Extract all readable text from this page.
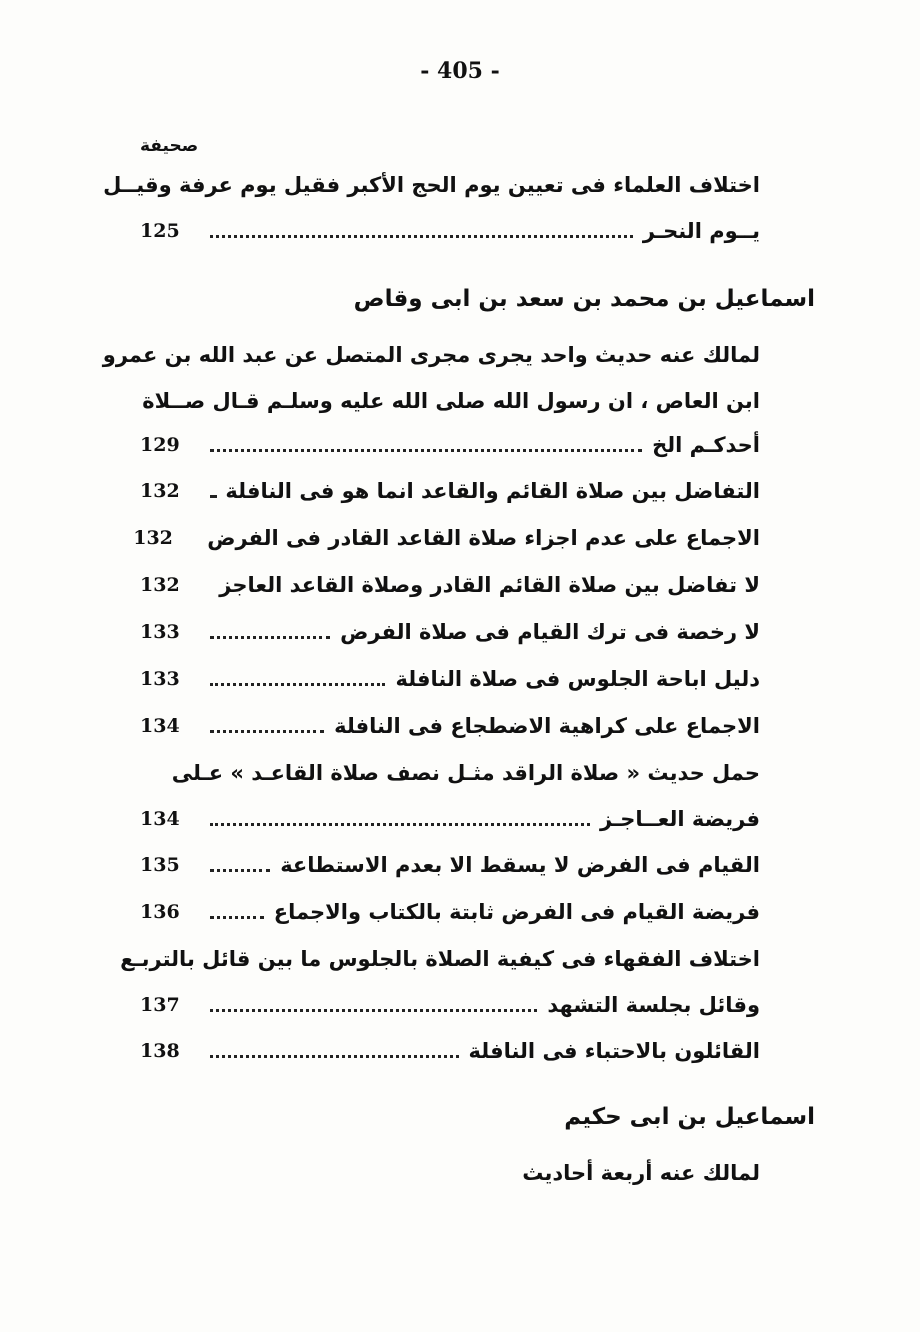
- 405 -
صحيفة
اختلاف العلماء فى تعيين يوم الحج الأكبر فقيل يوم عرفة وقيــل
يــوم النحـر
125
اسماعيل بن محمد بن سعد بن ابى وقاص
لمالك عنه حديث واحد يجرى مجرى المتصل عن عبد الله بن عمرو
ابن العاص ، ان رسول الله صلى الله عليه وسلـم قـال صــلاة
أحدكـم الخ
129
التفاضل بين صلاة القائم والقاعد انما هو فى النافلة
132
الاجماع على عدم اجزاء صلاة القاعد القادر فى الفرض
132
لا تفاضل بين صلاة القائم القادر وصلاة القاعد العاجز
132
لا رخصة فى ترك القيام فى صلاة الفرض
133
دليل اباحة الجلوس فى صلاة النافلة
133
الاجماع على كراهية الاضطجاع فى النافلة
134
حمل حديث « صلاة الراقد مثـل نصف صلاة القاعـد » عـلى
فريضة العــاجـز
134
القيام فى الفرض لا يسقط الا بعدم الاستطاعة
135
فريضة القيام فى الفرض ثابتة بالكتاب والاجماع
136
اختلاف الفقهاء فى كيفية الصلاة بالجلوس ما بين قائل بالتربـع
وقائل بجلسة التشهد
137
القائلون بالاحتباء فى النافلة
138
اسماعيل بن ابى حكيم
لمالك عنه أربعة أحاديث
